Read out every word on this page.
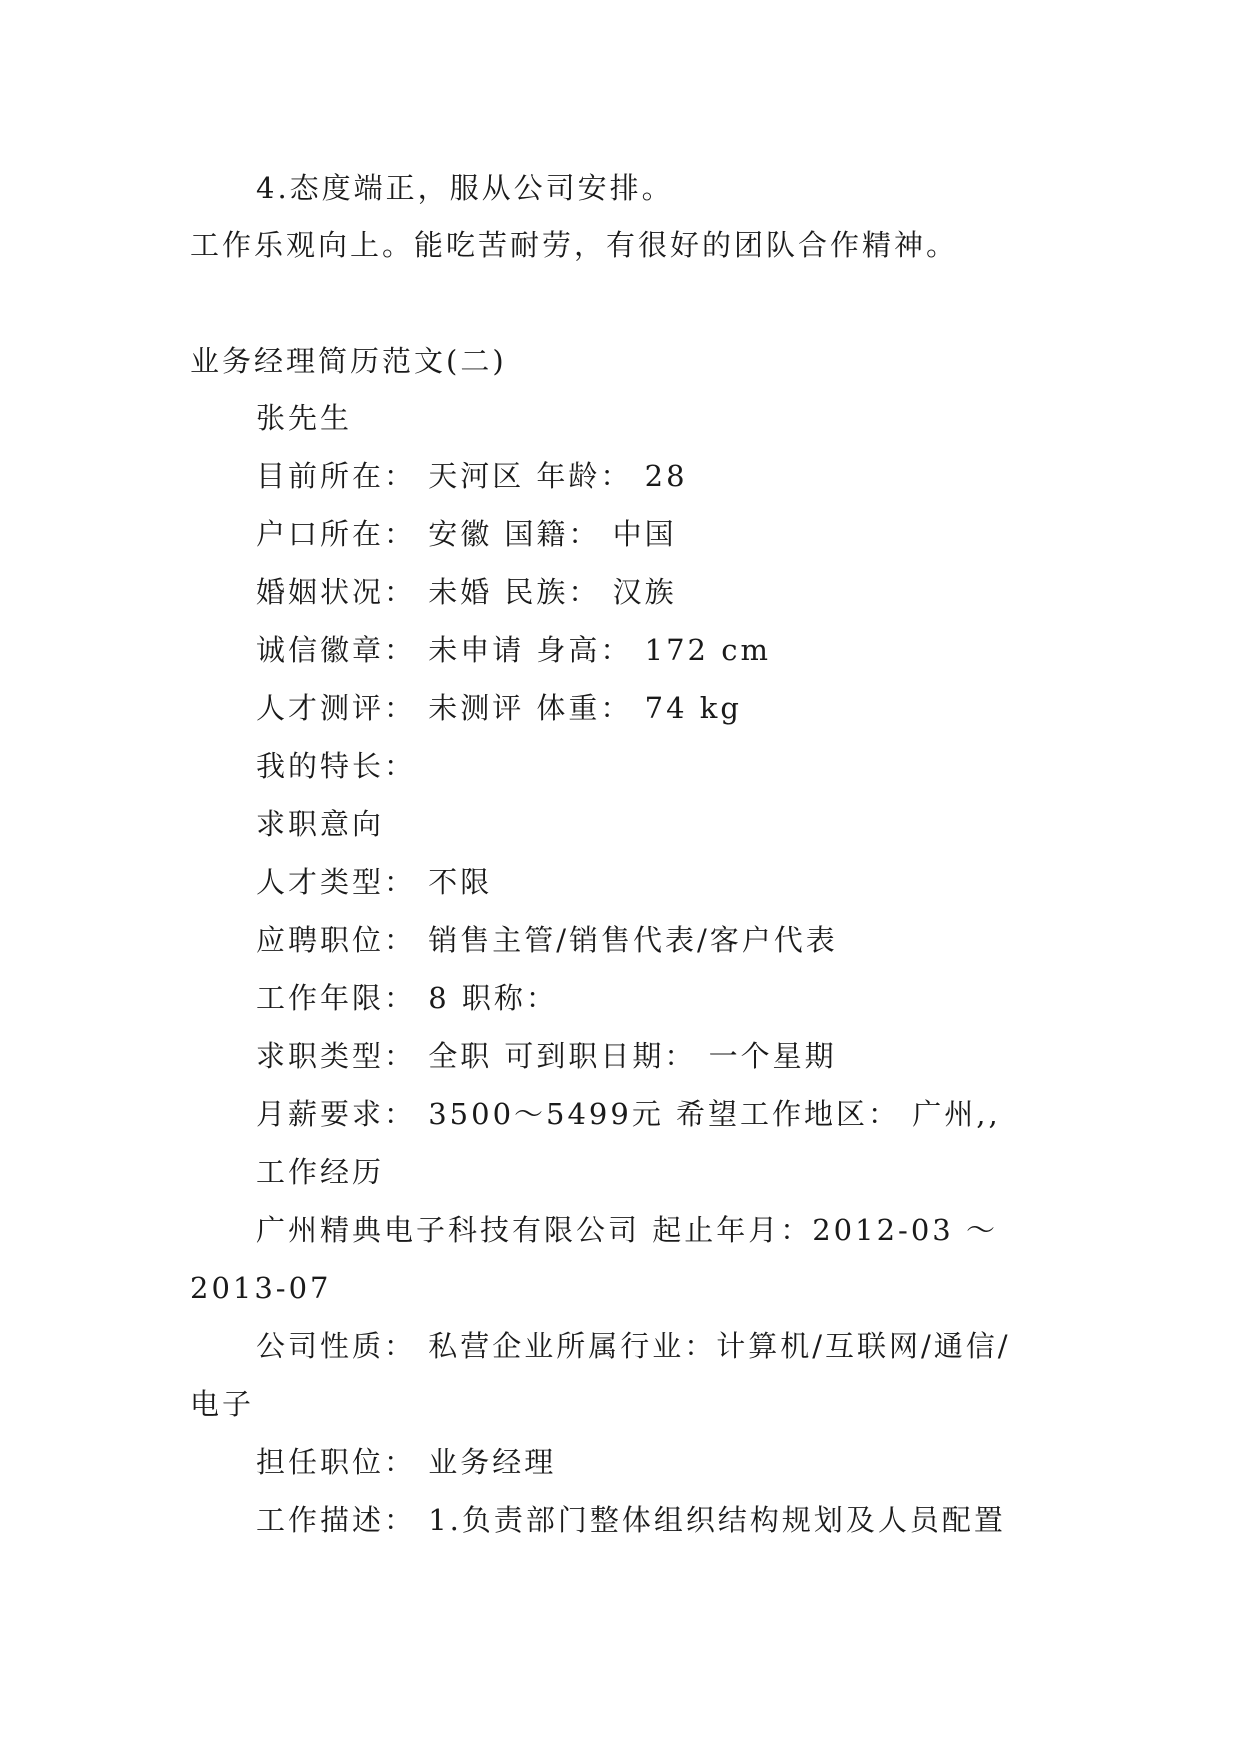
4.态度端正，服从公司安排。
工作乐观向上。能吃苦耐劳，有很好的团队合作精神。
业务经理简历范文(二)
张先生
目前所在： 天河区 年龄： 28
户口所在： 安徽 国籍： 中国
婚姻状况： 未婚 民族： 汉族
诚信徽章： 未申请 身高： 172 cm
人才测评： 未测评 体重： 74 kg
我的特长：
求职意向
人才类型： 不限
应聘职位： 销售主管/销售代表/客户代表
工作年限： 8 职称：
求职类型： 全职 可到职日期： 一个星期
月薪要求： 3500～5499元 希望工作地区： 广州,,
工作经历
广州精典电子科技有限公司 起止年月：2012-03 ～
2013-07
公司性质： 私营企业所属行业：计算机/互联网/通信/
电子
担任职位： 业务经理
工作描述： 1.负责部门整体组织结构规划及人员配置
